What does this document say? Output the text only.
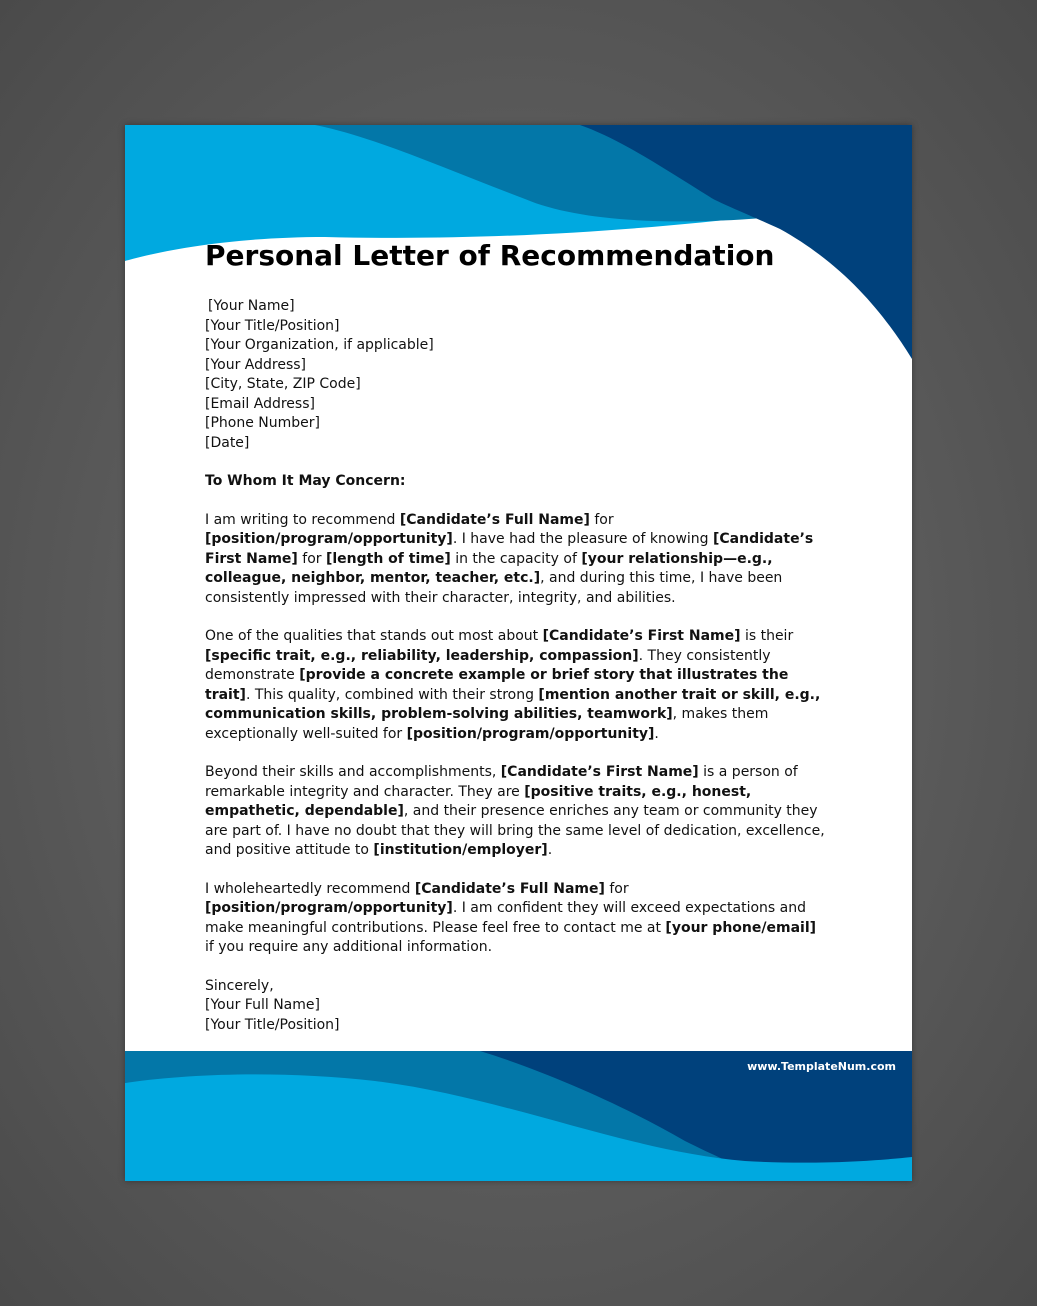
Personal Letter of Recommendation
[Your Name]
[Your Title/Position]
[Your Organization, if applicable]
[Your Address]
[City, State, ZIP Code]
[Email Address]
[Phone Number]
[Date]

To Whom It May Concern:

I am writing to recommend [Candidate’s Full Name] for [position/program/opportunity]. I have had the pleasure of knowing [Candidate’s First Name] for [length of time] in the capacity of [your relationship—e.g., colleague, neighbor, mentor, teacher, etc.], and during this time, I have been consistently impressed with their character, integrity, and abilities.

One of the qualities that stands out most about [Candidate’s First Name] is their [specific trait, e.g., reliability, leadership, compassion]. They consistently demonstrate [provide a concrete example or brief story that illustrates the trait]. This quality, combined with their strong [mention another trait or skill, e.g., communication skills, problem-solving abilities, teamwork], makes them exceptionally well-suited for [position/program/opportunity].

Beyond their skills and accomplishments, [Candidate’s First Name] is a person of remarkable integrity and character. They are [positive traits, e.g., honest, empathetic, dependable], and their presence enriches any team or community they are part of. I have no doubt that they will bring the same level of dedication, excellence, and positive attitude to [institution/employer].

I wholeheartedly recommend [Candidate’s Full Name] for [position/program/opportunity]. I am confident they will exceed expectations and make meaningful contributions. Please feel free to contact me at [your phone/email] if you require any additional information.

Sincerely,
[Your Full Name]
[Your Title/Position]
www.TemplateNum.com
